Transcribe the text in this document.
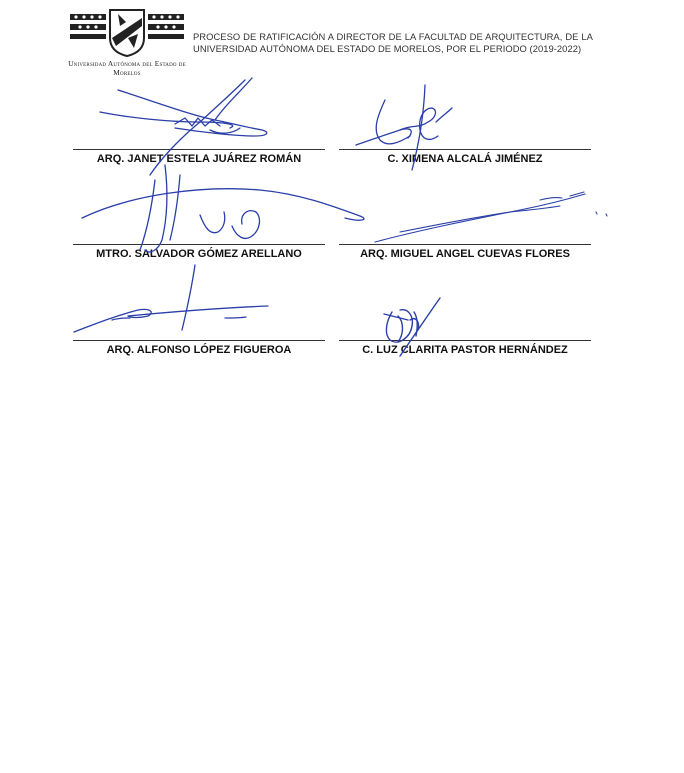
Universidad Autónoma del Estado de Morelos
PROCESO DE RATIFICACIÓN A DIRECTOR DE LA FACULTAD DE ARQUITECTURA, DE LA UNIVERSIDAD AUTÓNOMA DEL ESTADO DE MORELOS, POR EL PERIODO (2019-2022)
ARQ. JANET ESTELA JUÁREZ ROMÁN	C. XIMENA ALCALÁ JIMÉNEZ
MTRO. SALVADOR GÓMEZ ARELLANO	ARQ. MIGUEL ANGEL CUEVAS FLORES
ARQ. ALFONSO LÓPEZ FIGUEROA	C. LUZ CLARITA PASTOR HERNÁNDEZ
